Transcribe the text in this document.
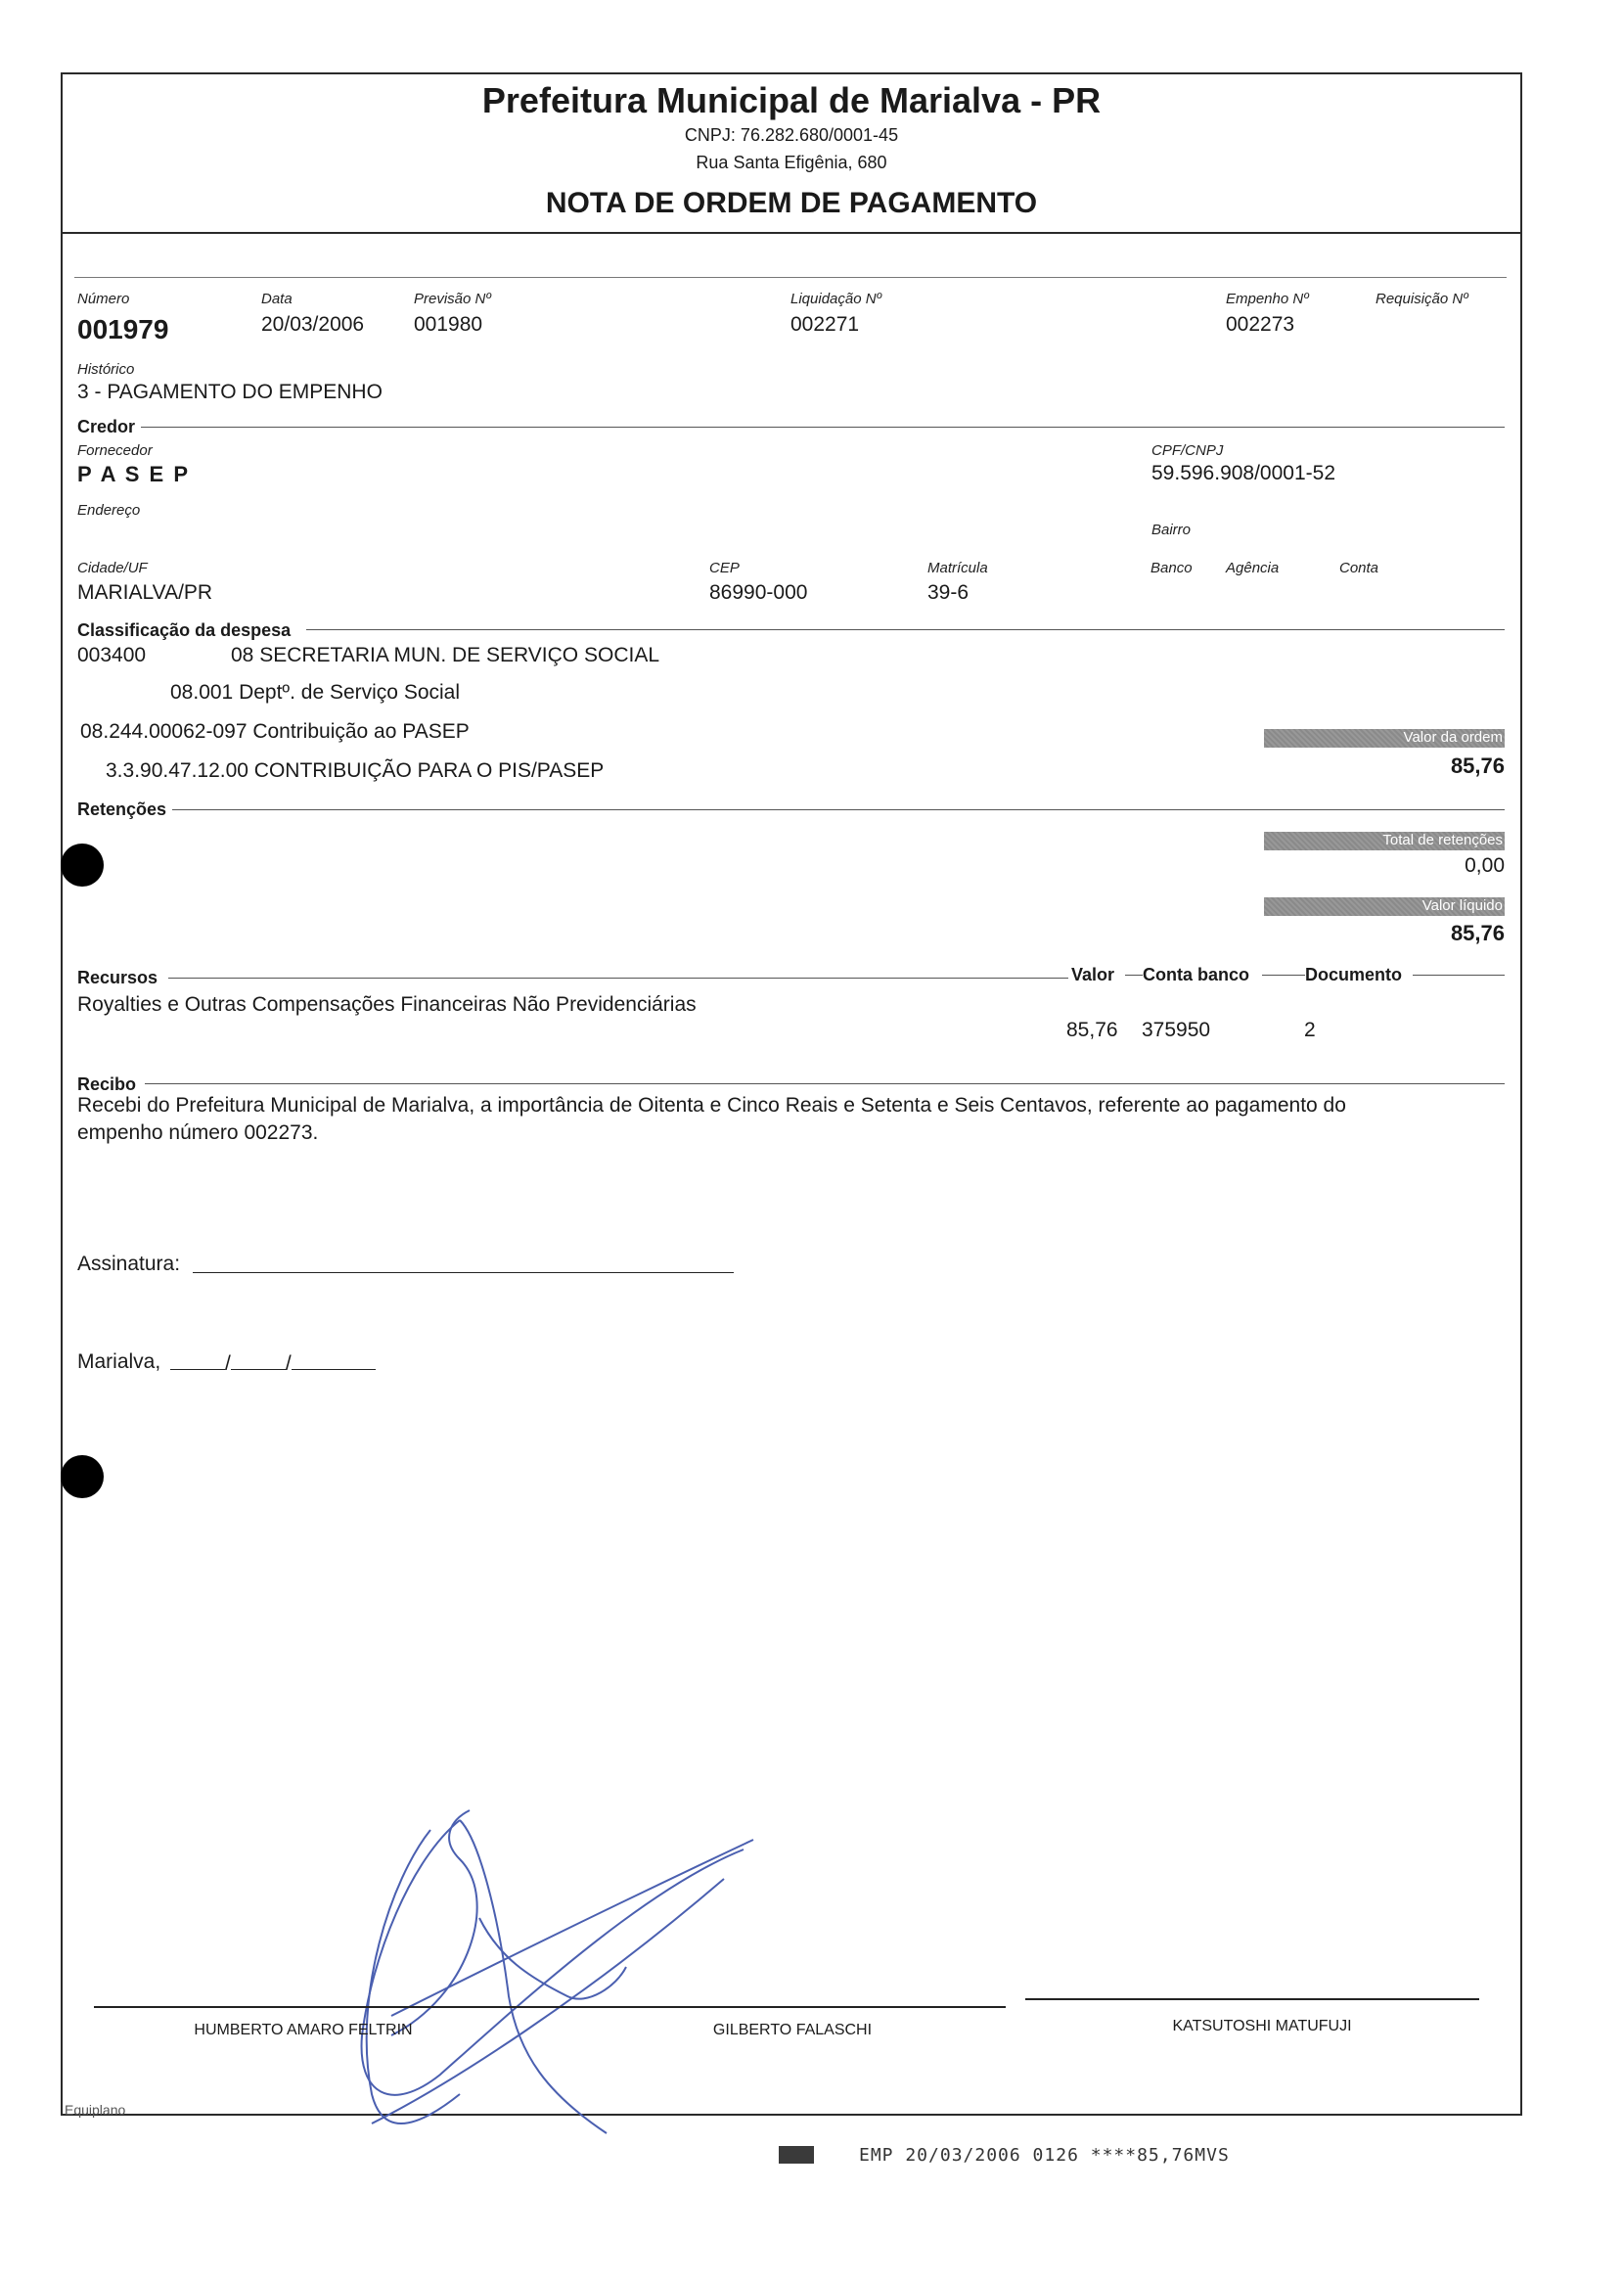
Prefeitura Municipal de Marialva - PR
CNPJ: 76.282.680/0001-45
Rua Santa Efigênia, 680
NOTA DE ORDEM DE PAGAMENTO
Número
001979
Data
20/03/2006
Previsão Nº
001980
Liquidação Nº
002271
Empenho Nº
002273
Requisição Nº
Histórico
3 - PAGAMENTO DO EMPENHO
Credor
Fornecedor
P A S E P
CPF/CNPJ
59.596.908/0001-52
Endereço
Bairro
Cidade/UF
MARIALVA/PR
CEP
86990-000
Matrícula
39-6
Banco Agência	Conta
Classificação da despesa
003400	08 SECRETARIA MUN. DE SERVIÇO SOCIAL
08.001 Deptº. de Serviço Social
08.244.00062-097 Contribuição ao PASEP
3.3.90.47.12.00 CONTRIBUIÇÃO PARA O PIS/PASEP
Valor da ordem
85,76
Retenções
Total de retenções
0,00
Valor líquido
85,76
Recursos	Valor Conta banco	Documento
Royalties e Outras Compensações Financeiras Não Previdenciárias
85,76 375950	2
Recibo
Recebi do Prefeitura Municipal de Marialva, a importância de Oitenta e Cinco Reais e Setenta e Seis Centavos, referente ao pagamento do
empenho número 002273.
Assinatura:
Marialva,	/	/
HUMBERTO AMARO FELTRIN	GILBERTO FALASCHI	KATSUTOSHI MATUFUJI
Equiplano
EMP 20/03/2006 0126 ****85,76MVS
